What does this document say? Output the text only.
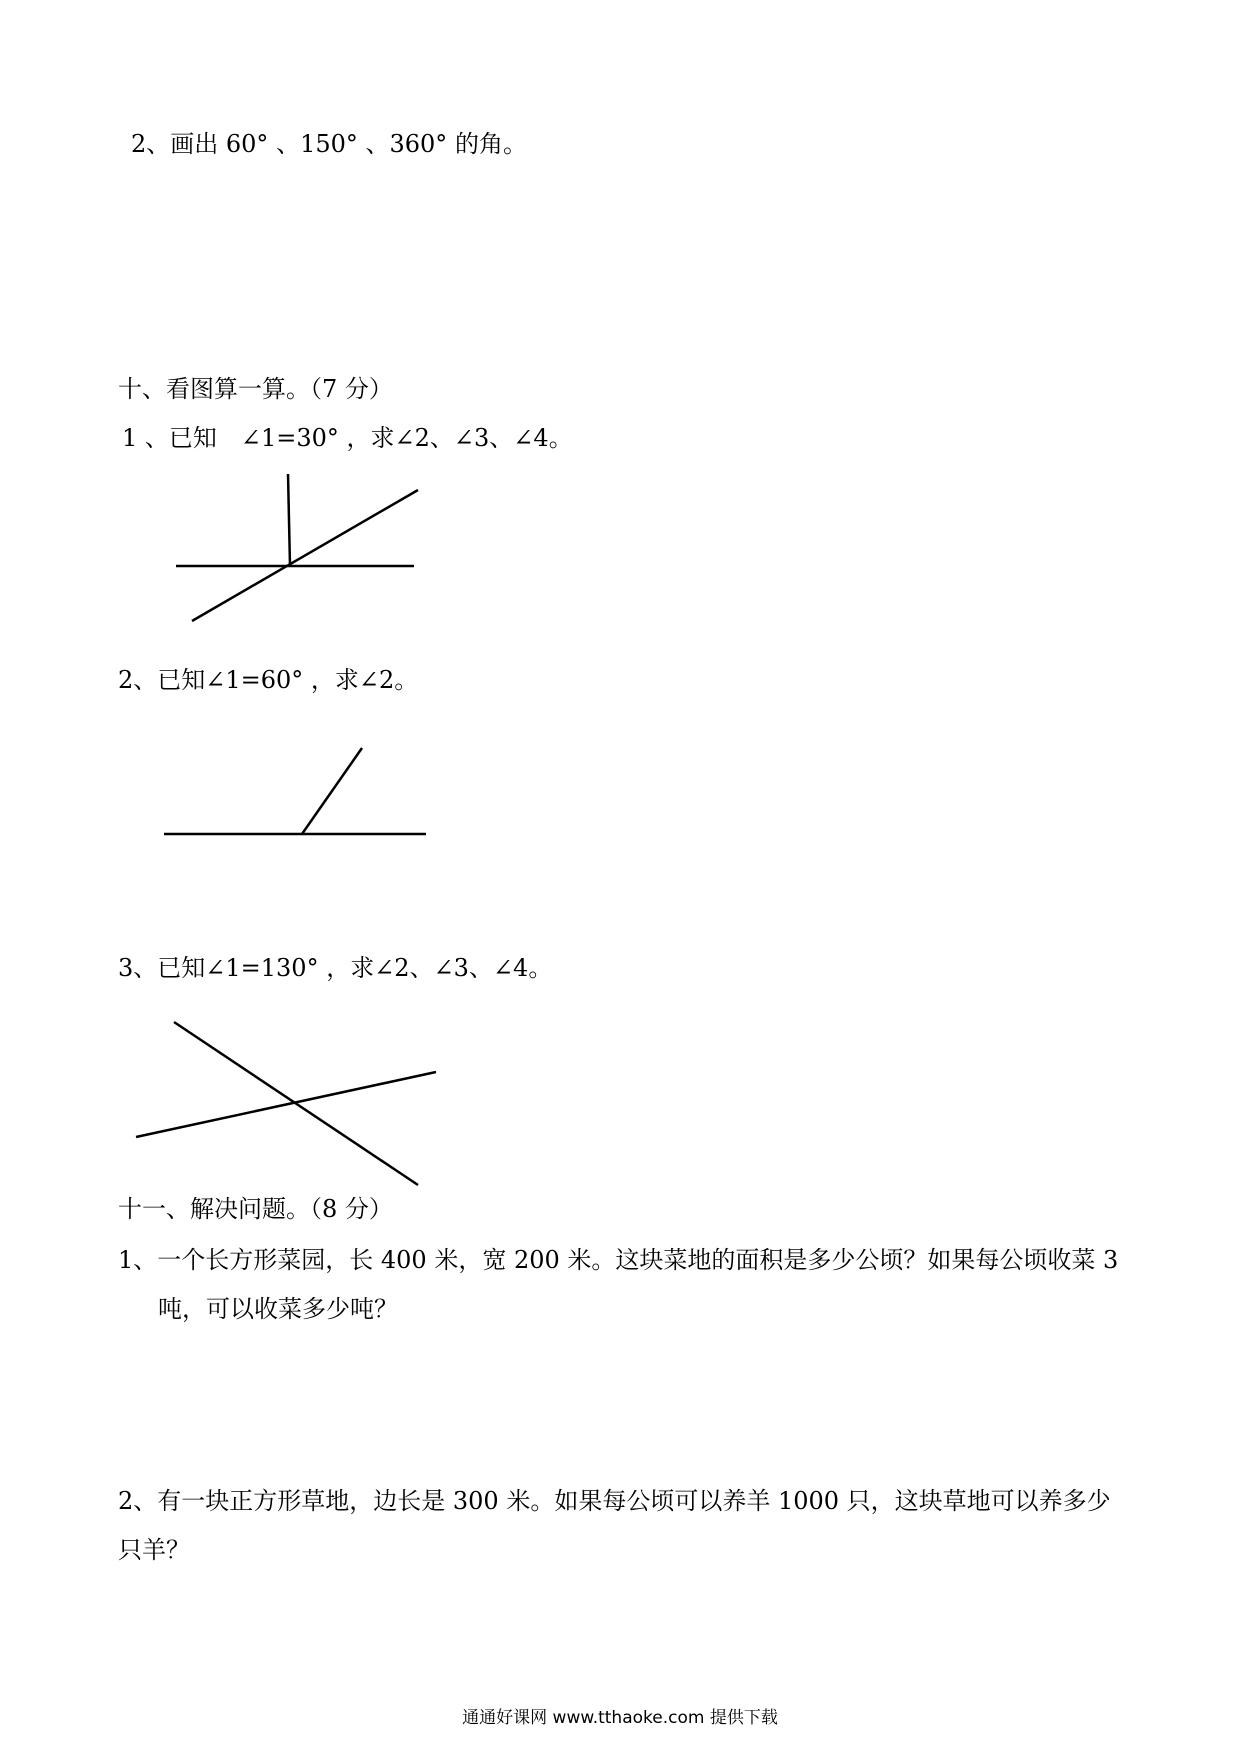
2、画出 60° 、150° 、360° 的角。

十、看图算一算。（7 分）

1 、已知　∠1=30° ，求∠2、∠3、∠4。

2、已知∠1=60° ，求∠2。

3、已知∠1=130° ，求∠2、∠3、∠4。

十一、解决问题。（8 分）

1、一个长方形菜园，长 400 米，宽 200 米。这块菜地的面积是多少公顷？如果每公顷收菜 3

吨，可以收菜多少吨？

2、有一块正方形草地，边长是 300 米。如果每公顷可以养羊 1000 只，这块草地可以养多少

只羊？

通通好课网 www.tthaoke.com 提供下载
